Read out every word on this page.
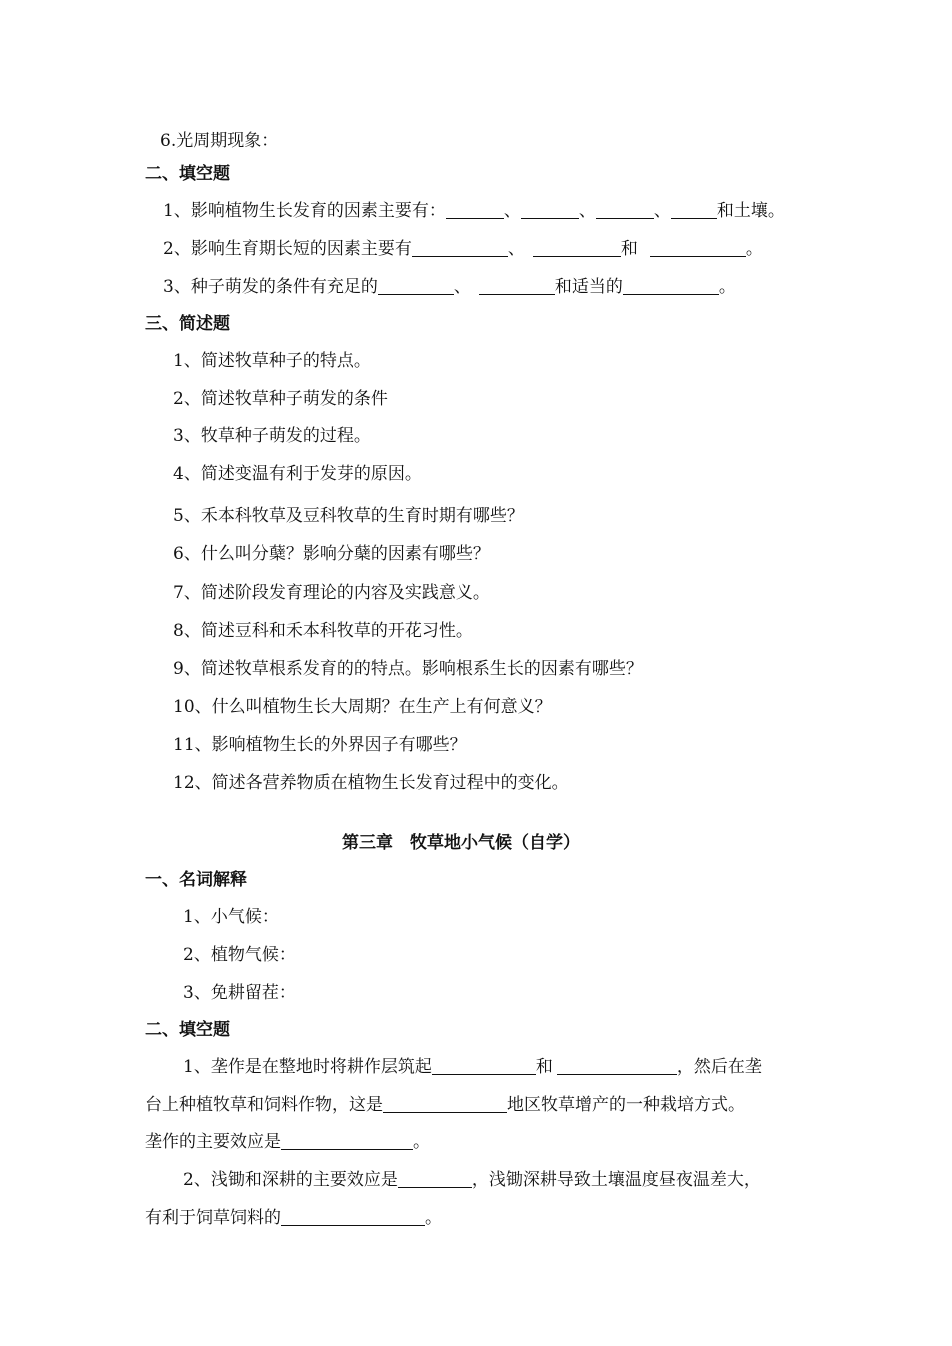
6.光周期现象：
二、填空题
1、影响植物生长发育的因素主要有：	、	、	、	和土壤。
2、影响生育期长短的因素主要有	、	和	。
3、种子萌发的条件有充足的	、	和适当的	。
三、简述题
1、简述牧草种子的特点。
2、简述牧草种子萌发的条件
3、牧草种子萌发的过程。
4、简述变温有利于发芽的原因。
5、禾本科牧草及豆科牧草的生育时期有哪些？
6、什么叫分蘖？影响分蘖的因素有哪些？
7、简述阶段发育理论的内容及实践意义。
8、简述豆科和禾本科牧草的开花习性。
9、简述牧草根系发育的的特点。影响根系生长的因素有哪些？
10、什么叫植物生长大周期？在生产上有何意义？
11、影响植物生长的外界因子有哪些？
12、简述各营养物质在植物生长发育过程中的变化。
第三章　牧草地小气候（自学）
一、名词解释
1、小气候：
2、植物气候：
3、免耕留茬：
二、填空题
1、垄作是在整地时将耕作层筑起	和	，然后在垄
台上种植牧草和饲料作物，这是	地区牧草增产的一种栽培方式。
垄作的主要效应是	。
2、浅锄和深耕的主要效应是	，浅锄深耕导致土壤温度昼夜温差大，
有利于饲草饲料的	。
